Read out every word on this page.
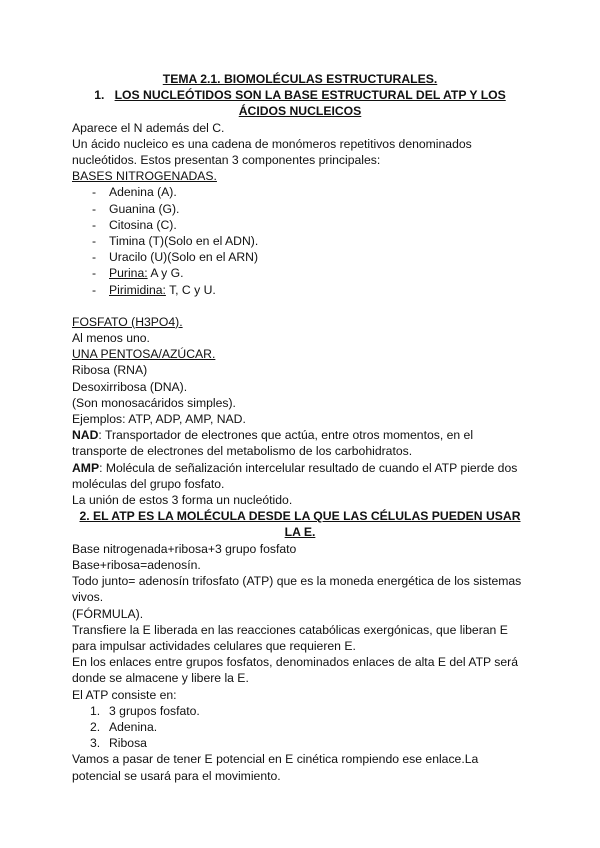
TEMA 2.1. BIOMOLÉCULAS ESTRUCTURALES.

1. LOS NUCLEÓTIDOS SON LA BASE ESTRUCTURAL DEL ATP Y LOS ÁCIDOS NUCLEICOS

Aparece el N además del C.

Un ácido nucleico es una cadena de monómeros repetitivos denominados nucleótidos. Estos presentan 3 componentes principales:

BASES NITROGENADAS.

- Adenina (A).
- Guanina (G).
- Citosina (C).
- Timina (T)(Solo en el ADN).
- Uracilo (U)(Solo en el ARN)
- Purina: A y G.
- Pirimidina: T, C y U.

FOSFATO (H3PO4).

Al menos uno.

UNA PENTOSA/AZÚCAR.

Ribosa (RNA)

Desoxirribosa (DNA).

(Son monosacáridos simples).

Ejemplos: ATP, ADP, AMP, NAD.

NAD: Transportador de electrones que actúa, entre otros momentos, en el transporte de electrones del metabolismo de los carbohidratos.

AMP: Molécula de señalización intercelular resultado de cuando el ATP pierde dos moléculas del grupo fosfato.

La unión de estos 3 forma un nucleótido.

2. EL ATP ES LA MOLÉCULA DESDE LA QUE LAS CÉLULAS PUEDEN USAR LA E.

Base nitrogenada+ribosa+3 grupo fosfato

Base+ribosa=adenosín.

Todo junto= adenosín trifosfato (ATP) que es la moneda energética de los sistemas vivos.

(FÓRMULA).

Transfiere la E liberada en las reacciones catabólicas exergónicas, que liberan E para impulsar actividades celulares que requieren E.

En los enlaces entre grupos fosfatos, denominados enlaces de alta E del ATP será donde se almacene y libere la E.

El ATP consiste en:

1. 3 grupos fosfato.
2. Adenina.
3. Ribosa

Vamos a pasar de tener E potencial en E cinética rompiendo ese enlace.La potencial se usará para el movimiento.
